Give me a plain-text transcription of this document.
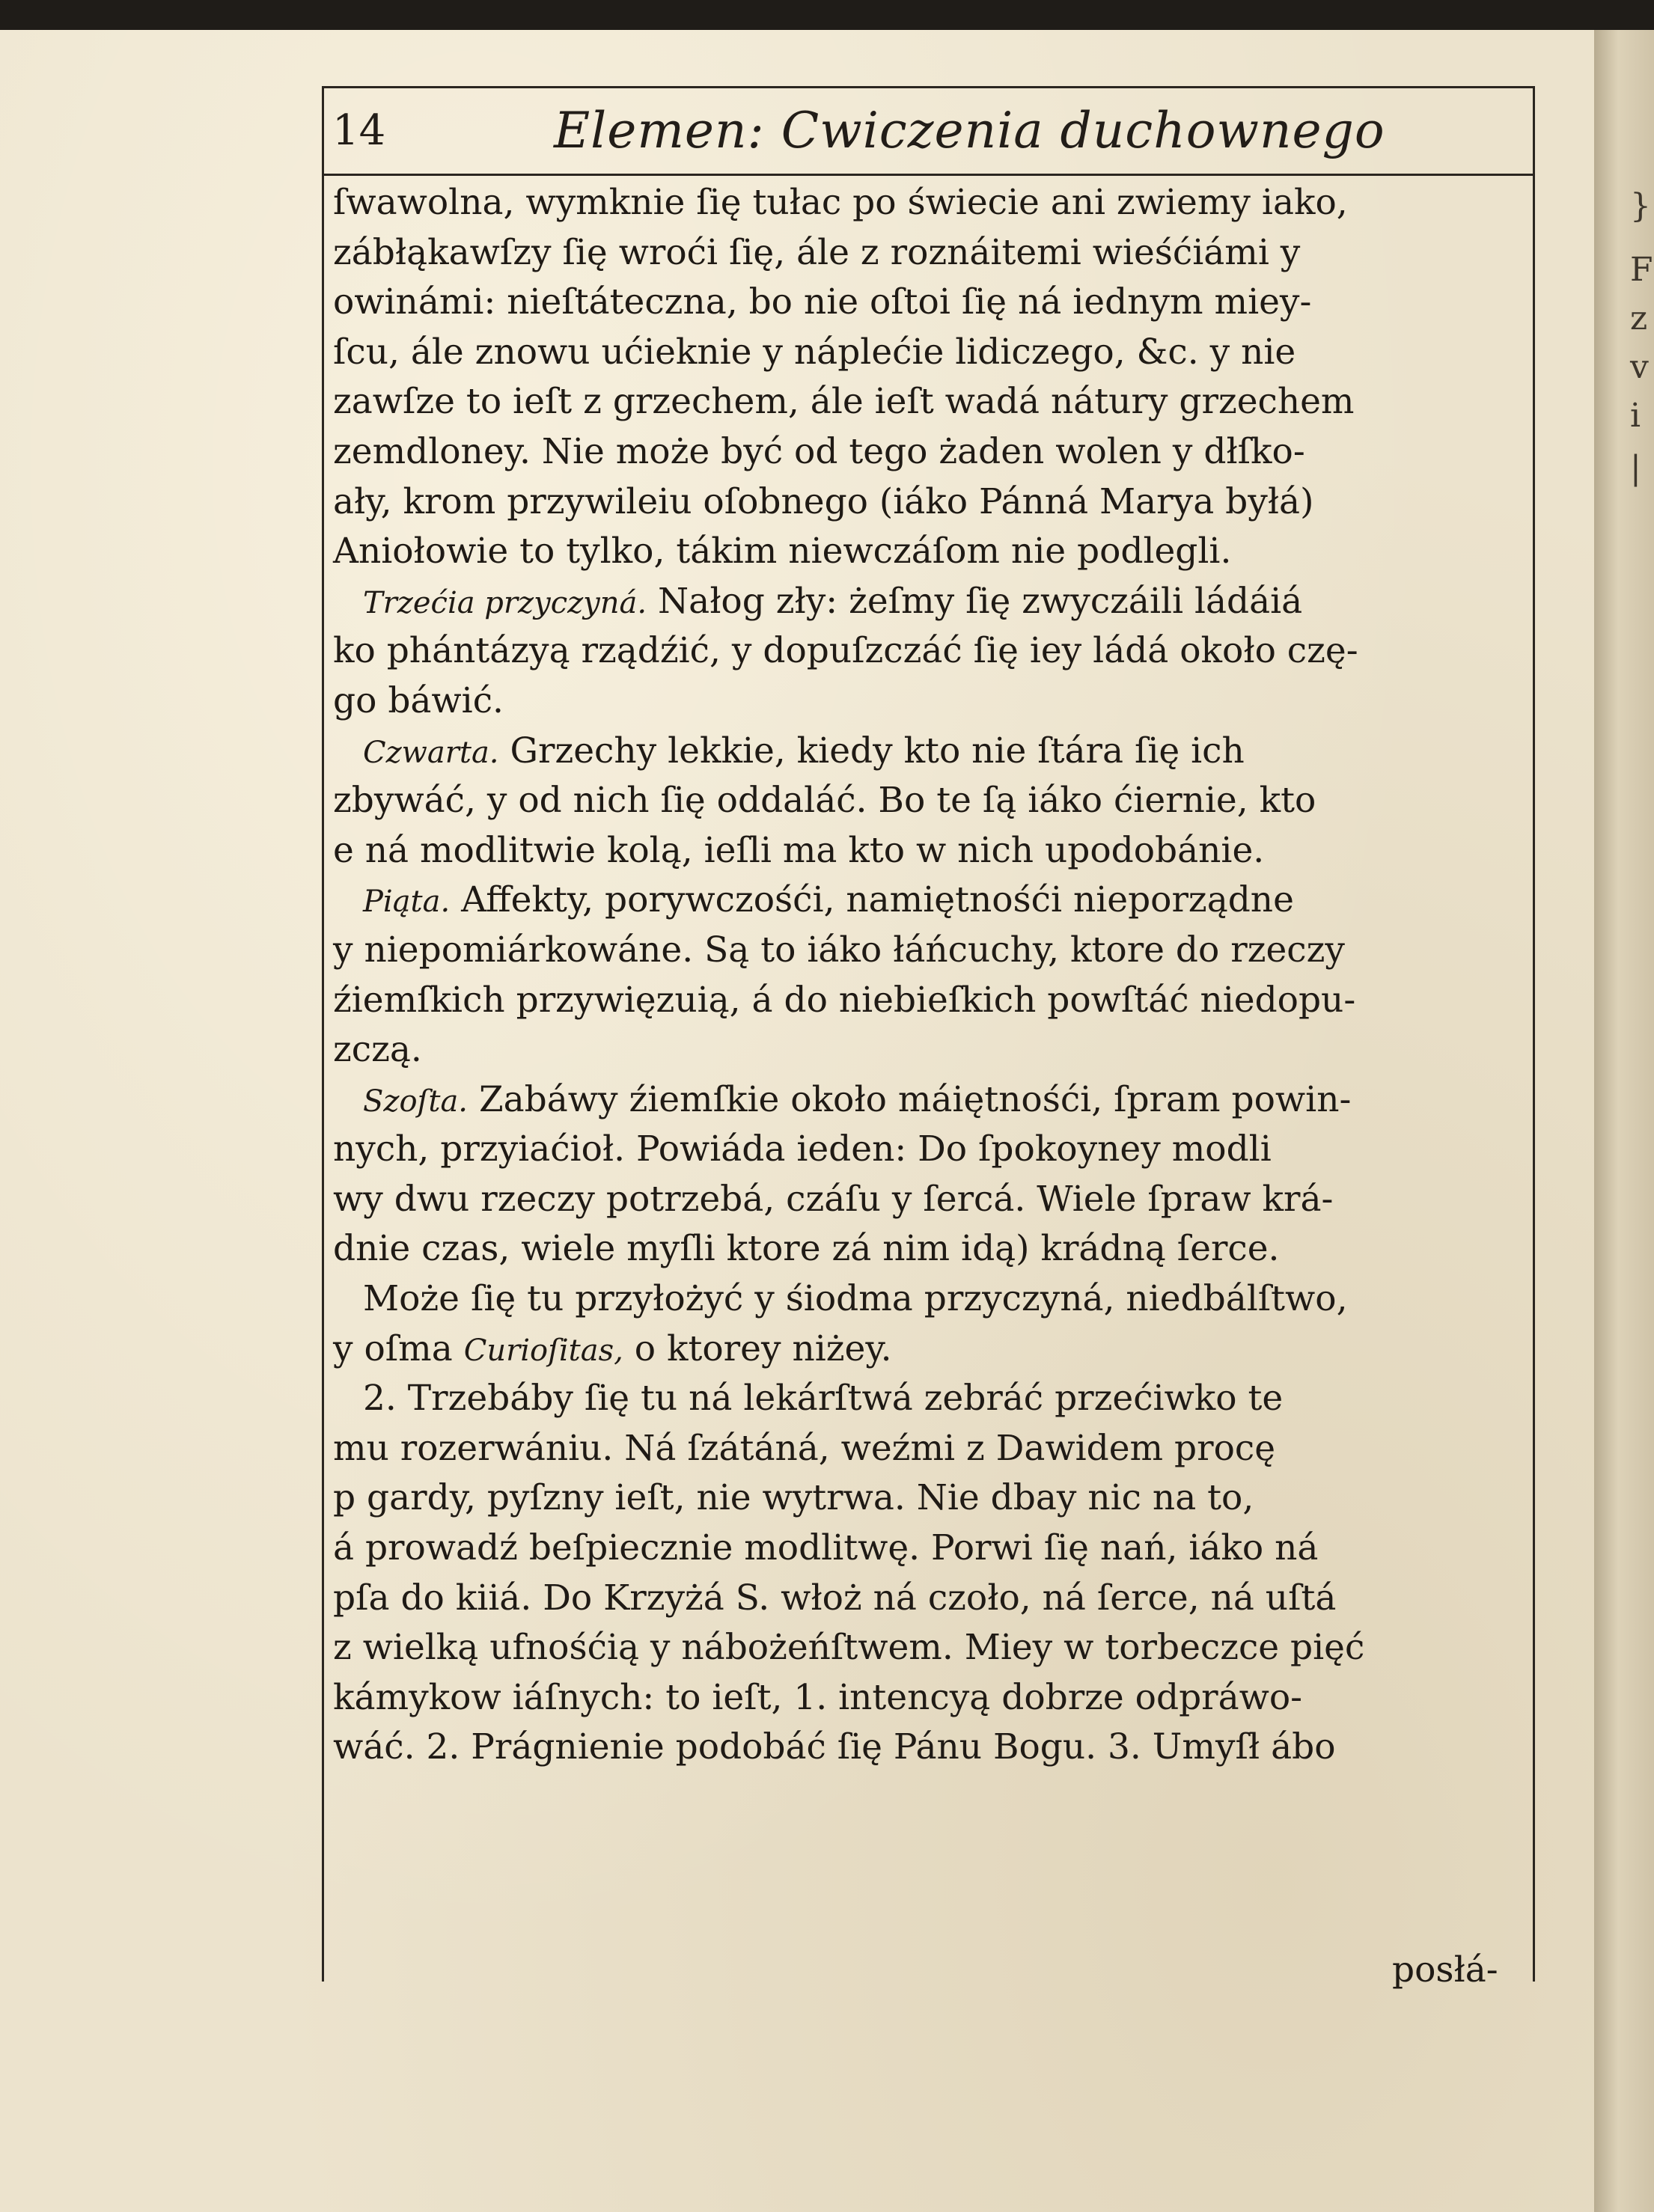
}
F
z
v
i
|
14	Elemen: Cwiczenia duchownego
ſwawolna, wymknie ſię tułac po świecie ani zwiemy iako,
zábłąkawſzy ſię wroći ſię, ále z roznáitemi wieśćiámi y
owinámi: nieſtáteczna, bo nie oſtoi ſię ná iednym miey-
ſcu, ále znowu ućieknie y náplećie lidiczego, &c. y nie
zawſze to ieſt z grzechem, ále ieſt wadá nátury grzechem
zemdloney. Nie może być od tego żaden wolen y dłſko-
ały, krom przywileiu oſobnego (iáko Pánná Marya byłá)
Aniołowie to tylko, tákim niewczáſom nie podlegli.
Trzećia przyczyná. Nałog zły: żeſmy ſię zwyczáili ládáiá
ko phántázyą rządźić, y dopuſzczáć ſię iey ládá około czę-
go báwić.
Czwarta. Grzechy lekkie, kiedy kto nie ſtára ſię ich
zbywáć, y od nich ſię oddaláć. Bo te ſą iáko ćiernie, kto
e ná modlitwie kolą, ieſli ma kto w nich upodobánie.
Piąta. Affekty, porywczośći, namiętnośći nieporządne
y niepomiárkowáne. Są to iáko łáńcuchy, ktore do rzeczy
źiemſkich przywięzuią, á do niebieſkich powſtáć niedopu-
zczą.
Szoſta. Zabáwy źiemſkie około máiętnośći, ſpram powin-
nych, przyiaćioł. Powiáda ieden: Do ſpokoyney modli
wy dwu rzeczy potrzebá, czáſu y ſercá. Wiele ſpraw krá-
dnie czas, wiele myſli ktore zá nim idą) krádną ſerce.
Może ſię tu przyłożyć y śiodma przyczyná, niedbálſtwo,
y oſma Curioſitas, o ktorey niżey.
2. Trzebáby ſię tu ná lekárſtwá zebráć przećiwko te
mu rozerwániu. Ná ſzátáná, weźmi z Dawidem procę
p gardy, pyſzny ieſt, nie wytrwa. Nie dbay nic na to,
á prowadź beſpiecznie modlitwę. Porwi ſię nań, iáko ná
pſa do kiiá. Do Krzyżá S. włoż ná czoło, ná ſerce, ná uſtá
z wielką ufnośćią y nábożeńſtwem. Miey w torbeczce pięć
kámykow iáſnych: to ieſt, 1. intencyą dobrze odpráwo-
wáć. 2. Prágnienie podobáć ſię Pánu Bogu. 3. Umyſł ábo
posłá-
